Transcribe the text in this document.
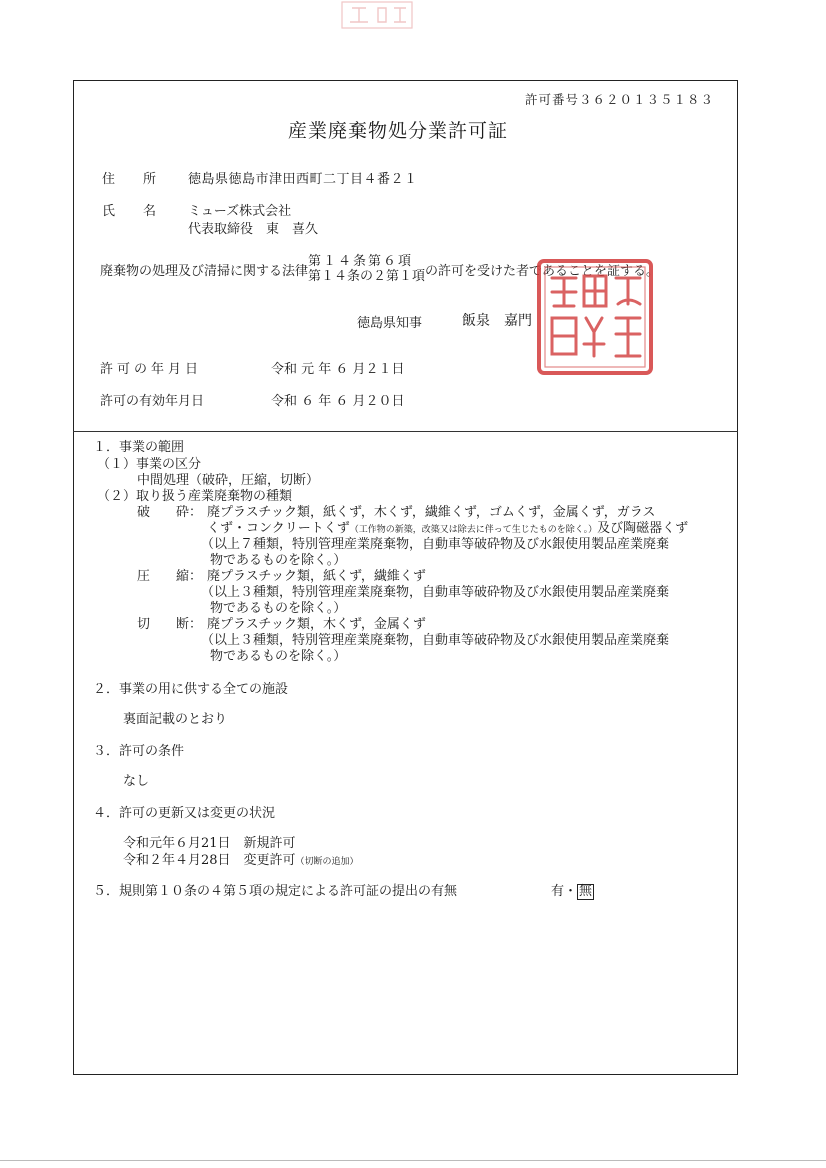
許可番号３６２０１３５１８３
産業廃棄物処分業許可証
住 所 徳島県徳島市津田西町二丁目４番２１
氏 名 ミューズ株式会社
代表取締役　東　喜久
廃棄物の処理及び清掃に関する法律
第１４条第６項
第１４条の２第１項 の許可を受けた者であることを証する。
徳島県知事	飯泉　嘉門
許可の年月日	令和 元 年 ６ 月２１日
許可の有効年月日	令和 ６ 年 ６ 月２０日
１．事業の範囲
（１）事業の区分
中間処理（破砕，圧縮，切断）
（２）取り扱う産業廃棄物の種類
破　　砕： 廃プラスチック類，紙くず，木くず，繊維くず，ゴムくず，金属くず，ガラス
くず・コンクリートくず（工作物の新築，改築又は除去に伴って生じたものを除く。）及び陶磁器くず
（以上７種類，特別管理産業廃棄物，自動車等破砕物及び水銀使用製品産業廃棄
物であるものを除く。）
圧　　縮： 廃プラスチック類，紙くず，繊維くず
（以上３種類，特別管理産業廃棄物，自動車等破砕物及び水銀使用製品産業廃棄
物であるものを除く。）
切　　断： 廃プラスチック類，木くず，金属くず
（以上３種類，特別管理産業廃棄物，自動車等破砕物及び水銀使用製品産業廃棄
物であるものを除く。）
２．事業の用に供する全ての施設
裏面記載のとおり
３．許可の条件
なし
４．許可の更新又は変更の状況
令和元年６月21日　新規許可
令和２年４月28日　変更許可（切断の追加）
５．規則第１０条の４第５項の規定による許可証の提出の有無	有・ 無
